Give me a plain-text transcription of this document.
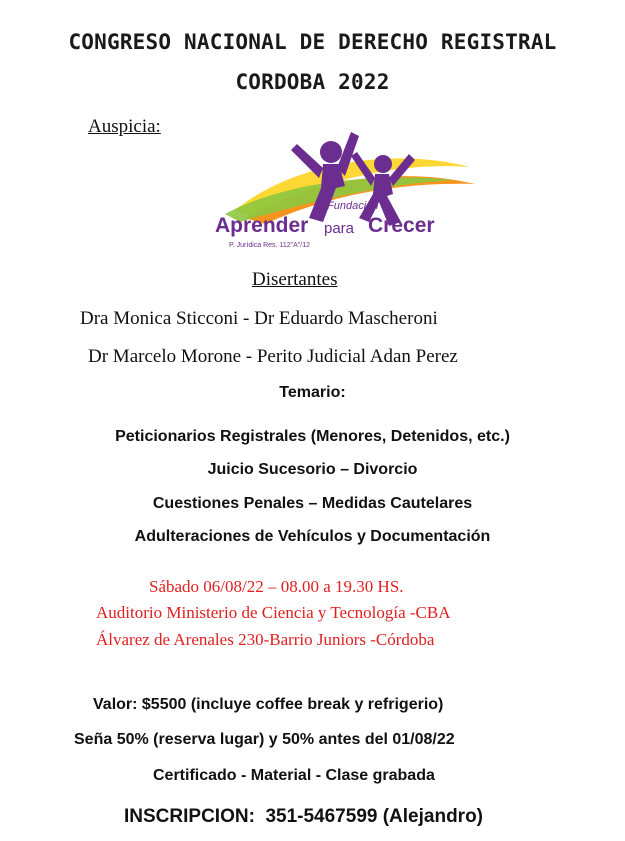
CONGRESO NACIONAL DE DERECHO REGISTRAL
CORDOBA 2022
Auspicia:
Fundación
Aprender para Crecer
P. Jurídica Res. 112"A"/12
Disertantes
Dra Monica Sticconi - Dr Eduardo Mascheroni
Dr Marcelo Morone - Perito Judicial Adan Perez
Temario:
Peticionarios Registrales (Menores, Detenidos, etc.)
Juicio Sucesorio – Divorcio
Cuestiones Penales – Medidas Cautelares
Adulteraciones de Vehículos y Documentación
Sábado 06/08/22 – 08.00 a 19.30 HS.
Auditorio Ministerio de Ciencia y Tecnología -CBA
Álvarez de Arenales 230-Barrio Juniors -Córdoba
Valor: $5500 (incluye coffee break y refrigerio)
Seña 50% (reserva lugar) y 50% antes del 01/08/22
Certificado - Material - Clase grabada
INSCRIPCION:  351-5467599 (Alejandro)
